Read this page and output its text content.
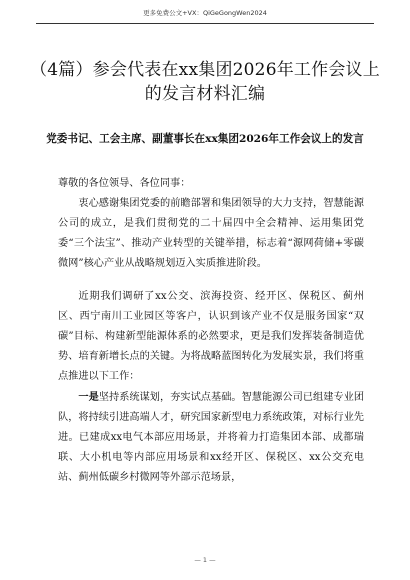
更多免费公文+VX：QiGeGongWen2024
（4篇）参会代表在xx集团2026年工作会议上的发言材料汇编
党委书记、工会主席、副董事长在xx集团2026年工作会议上的发言

尊敬的各位领导、各位同事：

衷心感谢集团党委的前瞻部署和集团领导的大力支持，智慧能源公司的成立，是我们贯彻党的二十届四中全会精神、运用集团党委“三个法宝”、推动产业转型的关键举措，标志着“源网荷储+零碳微网”核心产业从战略规划迈入实质推进阶段。

近期我们调研了xx公交、滨海投资、经开区、保税区、蓟州区、西宁南川工业园区等客户，认识到该产业不仅是服务国家“双碳”目标、构建新型能源体系的必然要求，更是我们发挥装备制造优势、培育新增长点的关键。为将战略蓝图转化为发展实景，我们将重点推进以下工作：

一是坚持系统谋划，夯实试点基础。智慧能源公司已组建专业团队，将持续引进高端人才，研究国家新型电力系统政策，对标行业先进。已建成xx电气本部应用场景，并将着力打造集团本部、成都瑞联、大小机电等内部应用场景和xx经开区、保税区、xx公交充电站、蓟州低碳乡村微网等外部示范场景，

— 1 —
